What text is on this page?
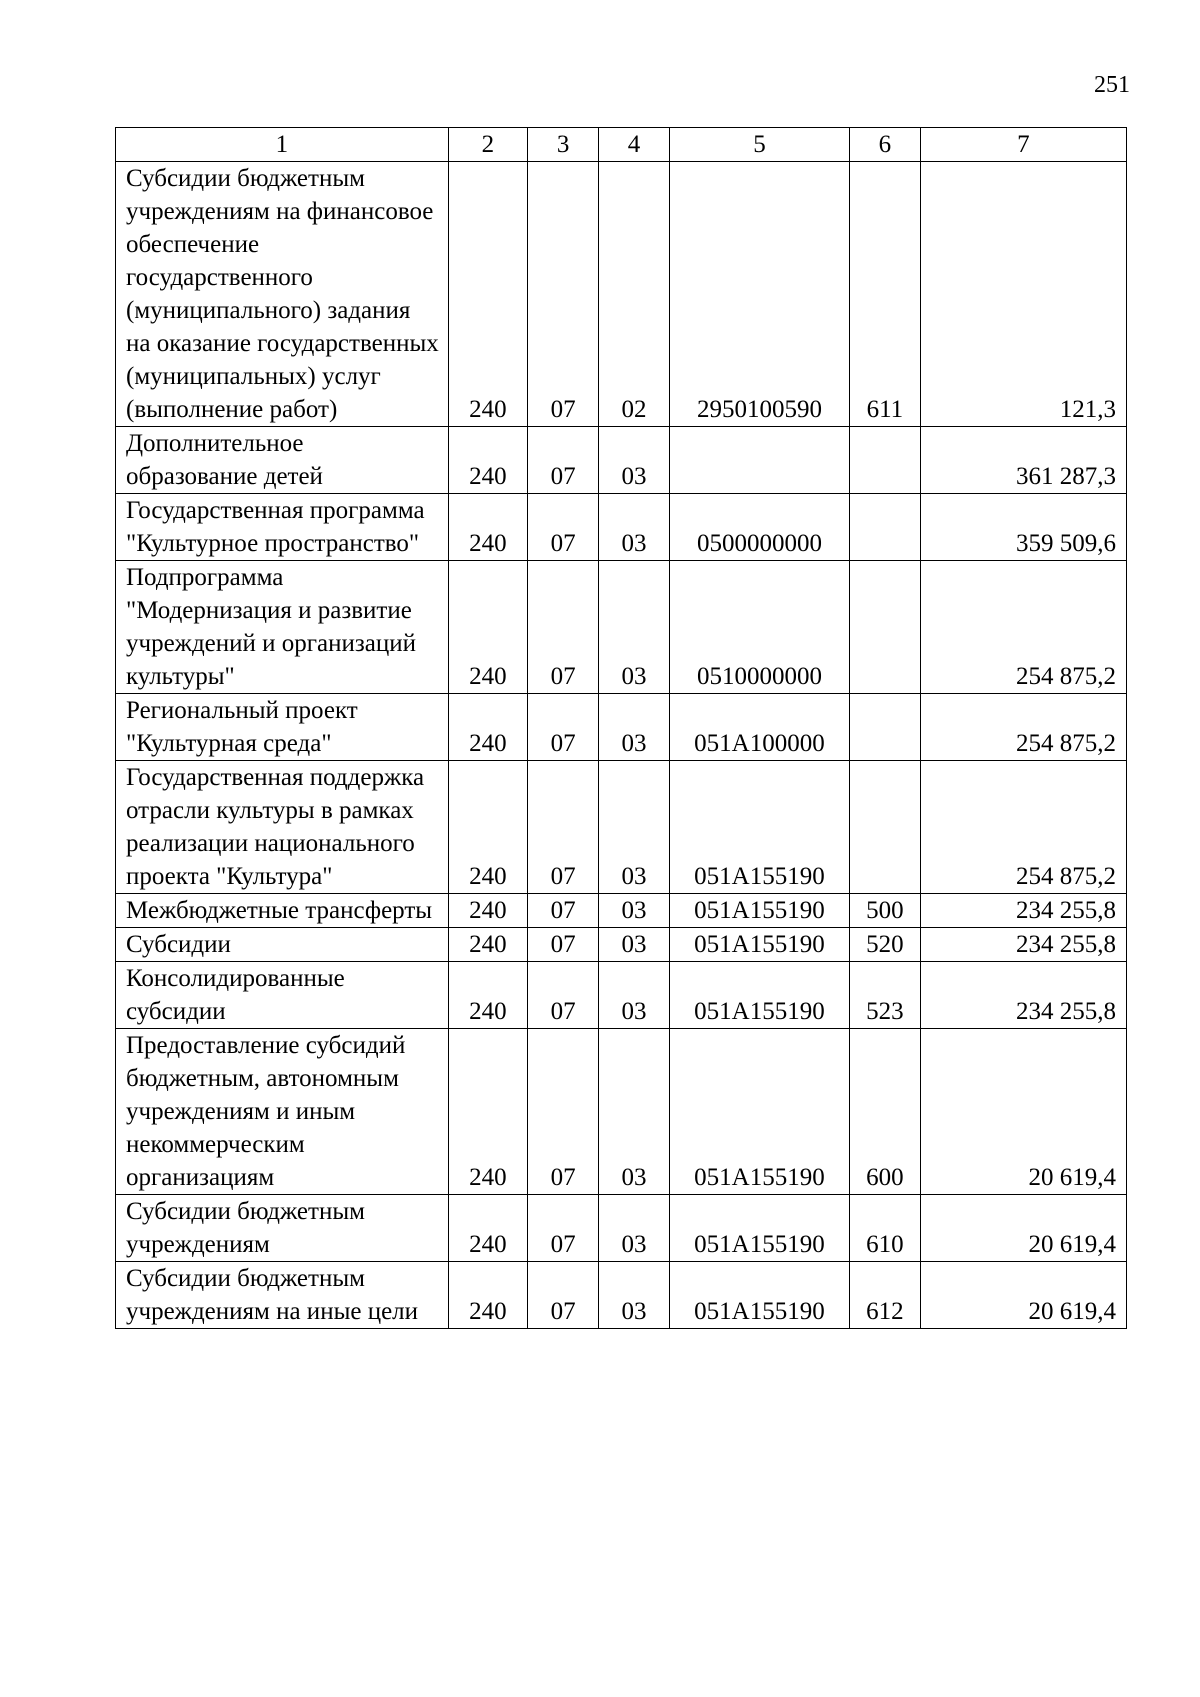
251
1	2	3	4	5	6	7

Субсидии бюджетным учреждениям на финансовое обеспечение государственного (муниципального) задания на оказание государственных (муниципальных) услуг (выполнение работ)	240	07	02	2950100590	611	121,3

Дополнительное образование детей	240	07	03			361 287,3

Государственная программа "Культурное пространство"	240	07	03	0500000000		359 509,6

Подпрограмма "Модернизация и развитие учреждений и организаций культуры"	240	07	03	0510000000		254 875,2

Региональный проект "Культурная среда"	240	07	03	051A100000		254 875,2

Государственная поддержка отрасли культуры в рамках реализации национального проекта "Культура"	240	07	03	051A155190		254 875,2

Межбюджетные трансферты	240	07	03	051A155190	500	234 255,8

Субсидии	240	07	03	051A155190	520	234 255,8

Консолидированные субсидии	240	07	03	051A155190	523	234 255,8

Предоставление субсидий бюджетным, автономным учреждениям и иным некоммерческим организациям	240	07	03	051A155190	600	20 619,4

Субсидии бюджетным учреждениям	240	07	03	051A155190	610	20 619,4

Субсидии бюджетным учреждениям на иные цели	240	07	03	051A155190	612	20 619,4
